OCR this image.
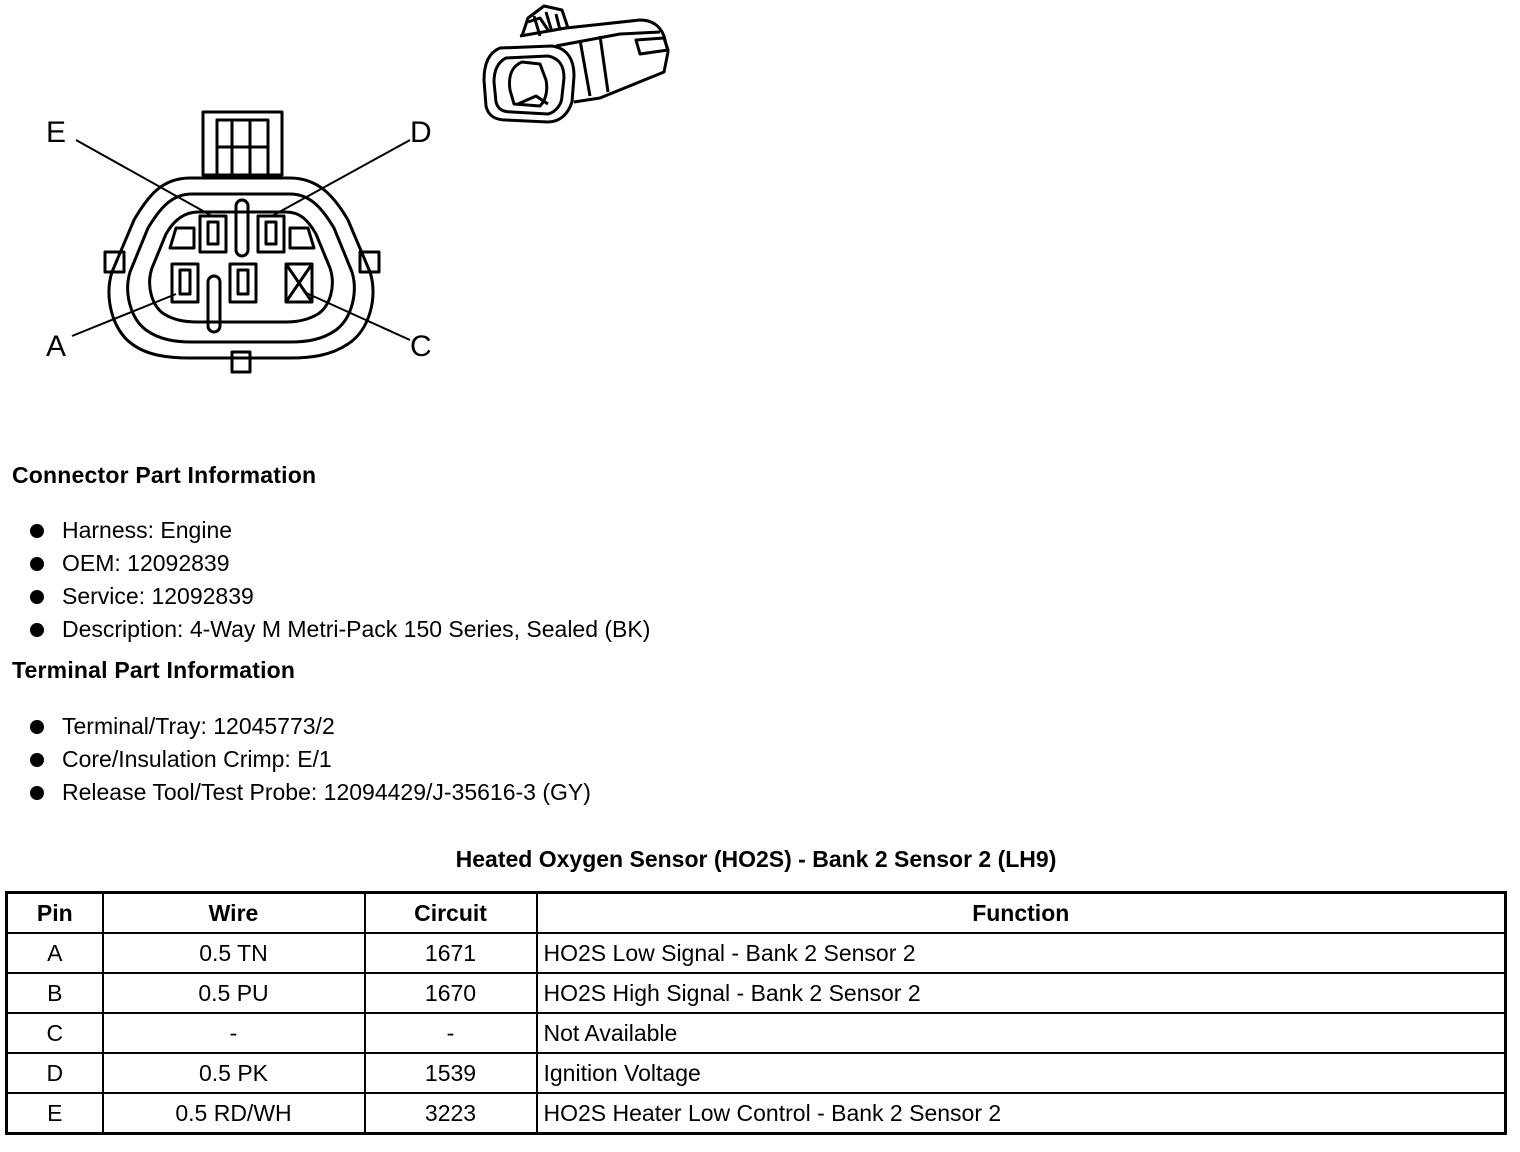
E	D
A	C
Connector Part Information
Harness: Engine
OEM: 12092839
Service: 12092839
Description: 4-Way M Metri-Pack 150 Series, Sealed (BK)
Terminal Part Information
Terminal/Tray: 12045773/2
Core/Insulation Crimp: E/1
Release Tool/Test Probe: 12094429/J-35616-3 (GY)
Heated Oxygen Sensor (HO2S) - Bank 2 Sensor 2 (LH9)
Pin	Wire	Circuit	Function
A	0.5 TN	1671	HO2S Low Signal - Bank 2 Sensor 2
B	0.5 PU	1670	HO2S High Signal - Bank 2 Sensor 2
C	-	-	Not Available
D	0.5 PK	1539	Ignition Voltage
E	0.5 RD/WH	3223	HO2S Heater Low Control - Bank 2 Sensor 2
